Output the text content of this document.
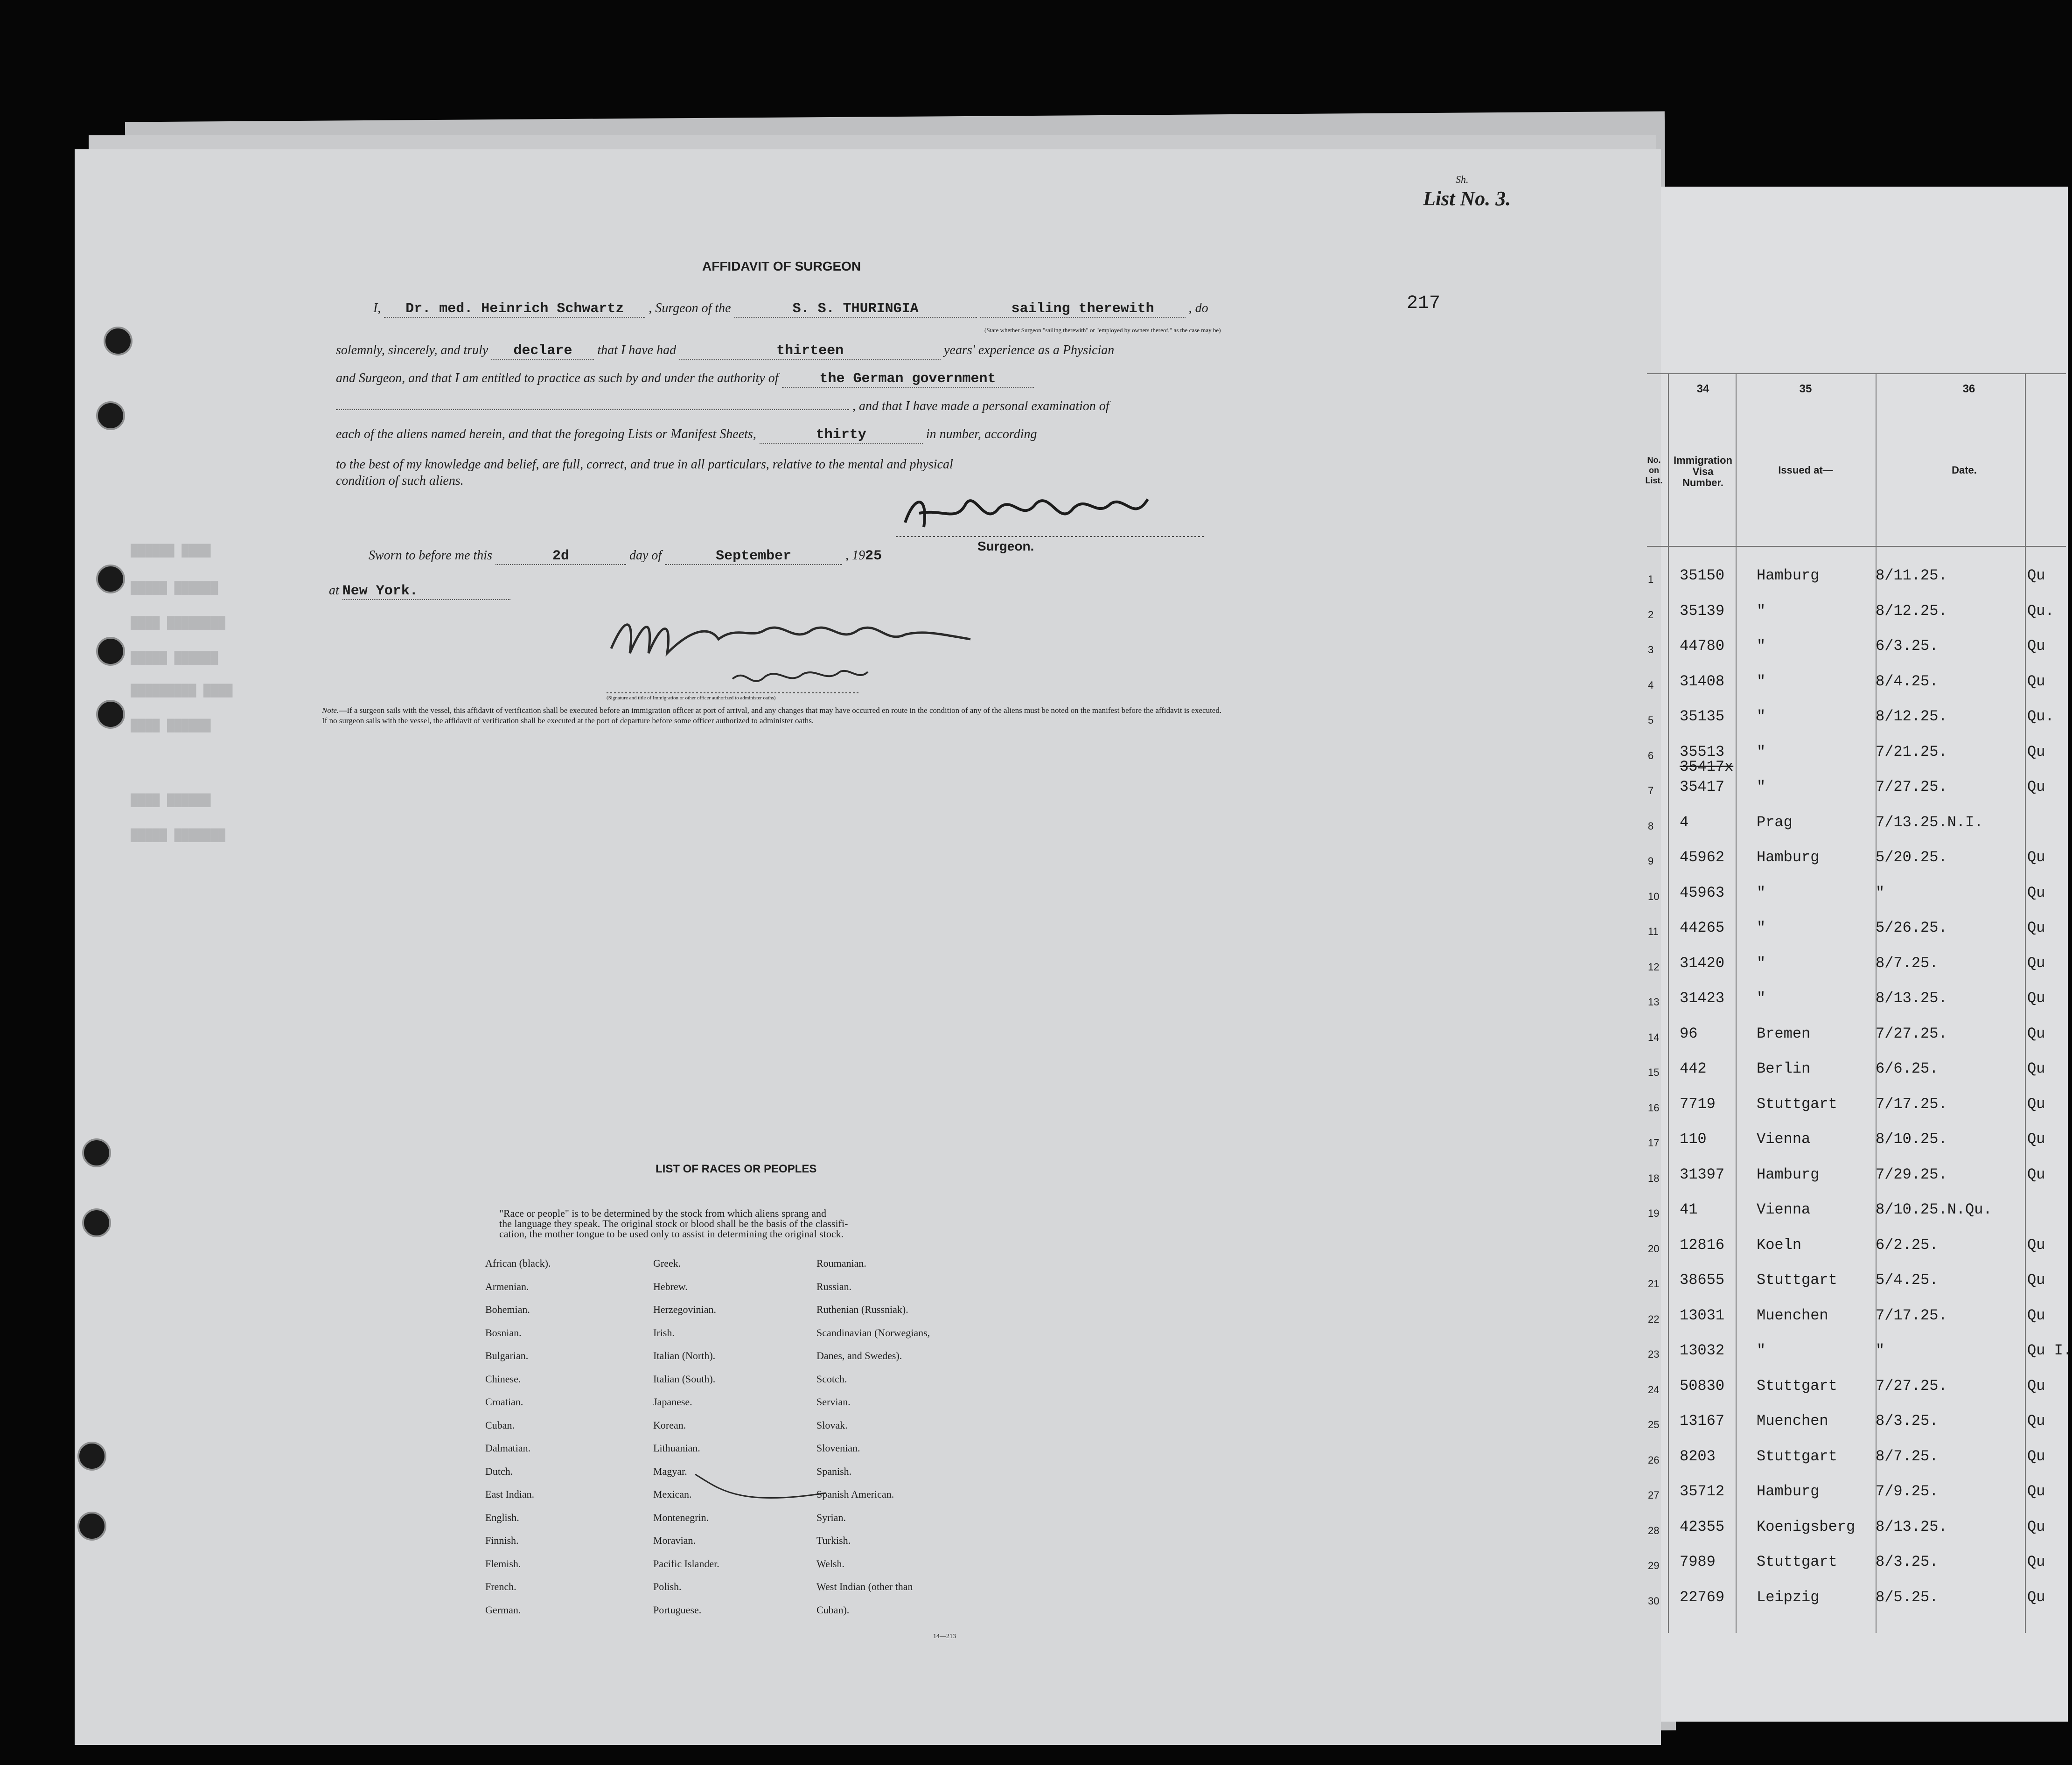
List No. 3.
Sh.
217
AFFIDAVIT OF SURGEON
I, Dr. med. Heinrich Schwartz , Surgeon of the	S. S. THURINGIA	sailing therewith	, do
(State whether Surgeon "sailing therewith" or "employed by owners thereof," as the case may be)
solemnly, sincerely, and truly declare that I have had	thirteen	years' experience as a Physician
and Surgeon, and that I am entitled to practice as such by and under the authority of	the German government
, and that I have made a personal examination of
each of the aliens named herein, and that the foregoing Lists or Manifest Sheets,	thirty	in number, according
to the best of my knowledge and belief, are full, correct, and true in all particulars, relative to the mental and physical
condition of such aliens.
Surgeon.
Sworn to before me this	2d	day of	September	, 1925
at New York.
(Signature and title of Immigration or other officer authorized to administer oaths)
Note.—If a surgeon sails with the vessel, this affidavit of verification shall be executed before an immigration officer at port of arrival, and any changes that may have occurred en route in the condition of any of the aliens must be noted on the manifest before the affidavit is executed.
If no surgeon sails with the vessel, the affidavit of verification shall be executed at the port of departure before some officer authorized to administer oaths.
██████ ████
█████ ██████
████ ████████
█████ ██████
█████████ ████
████ ██████
████ ██████
█████ ███████
LIST OF RACES OR PEOPLES
"Race or people" is to be determined by the stock from which aliens sprang and
the language they speak. The original stock or blood shall be the basis of the classifi-
cation, the mother tongue to be used only to assist in determining the original stock.
African (black).
Armenian.
Bohemian.
Bosnian.
Bulgarian.
Chinese.
Croatian.
Cuban.
Dalmatian.
Dutch.
East Indian.
English.
Finnish.
Flemish.
French.
German.
Greek.
Hebrew.
Herzegovinian.
Irish.
Italian (North).
Italian (South).
Japanese.
Korean.
Lithuanian.
Magyar.
Mexican.
Montenegrin.
Moravian.
Pacific Islander.
Polish.
Portuguese.
Roumanian.
Russian.
Ruthenian (Russniak).
Scandinavian (Norwegians,
Danes, and Swedes).
Scotch.
Servian.
Slovak.
Slovenian.
Spanish.
Spanish American.
Syrian.
Turkish.
Welsh.
West Indian (other than
Cuban).
14—213
34	35	36
No. on List.
Immigration Visa Number.
Issued at—	Date.
1 35150 Hamburg	8/11.25.	Qu
2 35139 "	8/12.25.	Qu.
3 44780 "	6/3.25.	Qu
4 31408 "	8/4.25.	Qu
5 35135 "	8/12.25.	Qu.
6 35513 "	7/21.25.	Qu
35417x
7 35417 "	7/27.25.	Qu
8 4	Prag	7/13.25.N.I.
9 45962 Hamburg	5/20.25.	Qu
10 45963 "	"	Qu
11 44265 "	5/26.25.	Qu
12 31420 "	8/7.25.	Qu
13 31423 "	8/13.25.	Qu
14 96	Bremen	7/27.25.	Qu
15 442	Berlin	6/6.25.	Qu
16 7719	Stuttgart	7/17.25.	Qu
17 110	Vienna	8/10.25.	Qu
18 31397 Hamburg	7/29.25.	Qu
19 41	Vienna	8/10.25.N.Qu.
20 12816 Koeln	6/2.25.	Qu
21 38655 Stuttgart	5/4.25.	Qu
22 13031 Muenchen	7/17.25.	Qu
23 13032 "	"	Qu I.
24 50830 Stuttgart	7/27.25.	Qu
25 13167 Muenchen	8/3.25.	Qu
26 8203	Stuttgart	8/7.25.	Qu
27 35712 Hamburg	7/9.25.	Qu
28 42355 Koenigsberg 8/13.25.	Qu
29 7989	Stuttgart	8/3.25.	Qu
30 22769 Leipzig	8/5.25.	Qu
